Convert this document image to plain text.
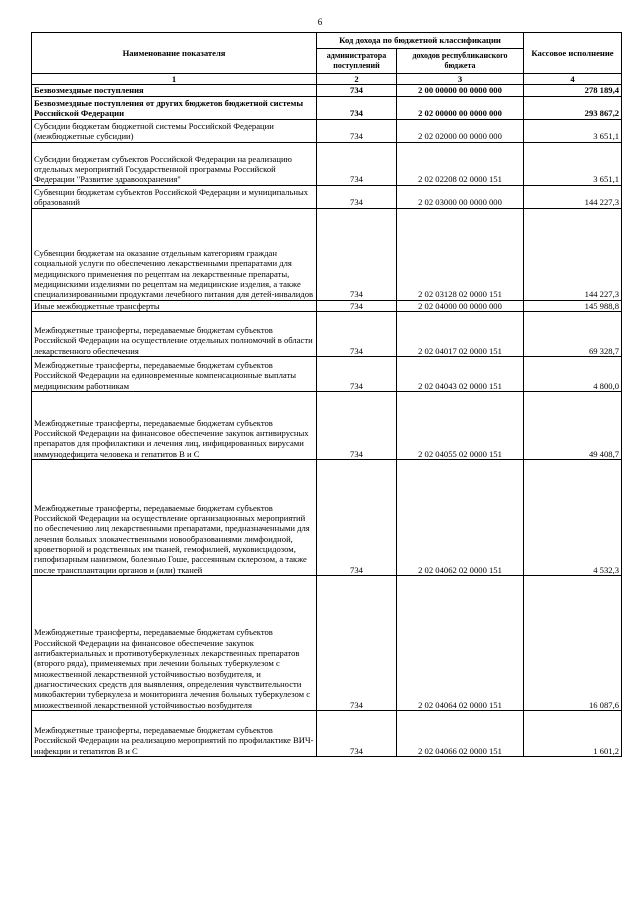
6
Наименование показателя	Код дохода по бюджетной классификации		Кассовое исполнение
	администратора поступлений	доходов республиканского бюджета	
1	2	3	4
Безвозмездные поступления	734	2 00 00000 00 0000 000	278 189,4
Безвозмездные поступления от других бюджетов бюджетной системы Российской Федерации	734	2 02 00000 00 0000 000	293 867,2
Субсидии бюджетам бюджетной системы Российской Федерации (межбюджетные субсидии)	734	2 02 02000 00 0000 000	3 651,1
Субсидии бюджетам субъектов Российской Федерации на реализацию отдельных мероприятий Государственной программы Российской Федерации "Развитие здравоохранения"	734	2 02 02208 02 0000 151	3 651,1
Субвенции бюджетам субъектов Российской Федерации и муниципальных образований	734	2 02 03000 00 0000 000	144 227,3
Субвенции бюджетам на оказание отдельным категориям граждан социальной услуги по обеспечению лекарственными препаратами для медицинского применения по рецептам на лекарственные препараты, медицинскими изделиями по рецептам на медицинские изделия, а также специализированными продуктами лечебного питания для детей-инвалидов	734	2 02 03128 02 0000 151	144 227,3
Иные межбюджетные трансферты	734	2 02 04000 00 0000 000	145 988,8
Межбюджетные трансферты, передаваемые бюджетам субъектов Российской Федерации на осуществление отдельных полномочий в области лекарственного обеспечения	734	2 02 04017 02 0000 151	69 328,7
Межбюджетные трансферты, передаваемые бюджетам субъектов Российской Федерации на единовременные компенсационные выплаты медицинским работникам	734	2 02 04043 02 0000 151	4 800,0
Межбюджетные трансферты, передаваемые бюджетам субъектов Российской Федерации на финансовое обеспечение закупок антивирусных препаратов для профилактики и лечения лиц, инфицированных вирусами иммунодефицита человека и гепатитов B и C	734	2 02 04055 02 0000 151	49 408,7
Межбюджетные трансферты, передаваемые бюджетам субъектов Российской Федерации на осуществление организационных мероприятий по обеспечению лиц лекарственными препаратами, предназначенными для лечения больных злокачественными новообразованиями лимфоидной, кроветворной и родственных им тканей, гемофилией, муковисцидозом, гипофизарным нанизмом, болезнью Гоше, рассеянным склерозом, а также после трансплантации органов и (или) тканей	734	2 02 04062 02 0000 151	4 532,3
Межбюджетные трансферты, передаваемые бюджетам субъектов Российской Федерации на финансовое обеспечение закупок антибактериальных и противотуберкулезных лекарственных препаратов (второго ряда), применяемых при лечении больных туберкулезом с множественной лекарственной устойчивостью возбудителя, и диагностических средств для выявления, определения чувствительности микобактерии туберкулеза и мониторинга лечения больных туберкулезом с множественной лекарственной устойчивостью возбудителя	734	2 02 04064 02 0000 151	16 087,6
Межбюджетные трансферты, передаваемые бюджетам субъектов Российской Федерации на реализацию мероприятий по профилактике ВИЧ-инфекции и гепатитов B и C	734	2 02 04066 02 0000 151	1 601,2
